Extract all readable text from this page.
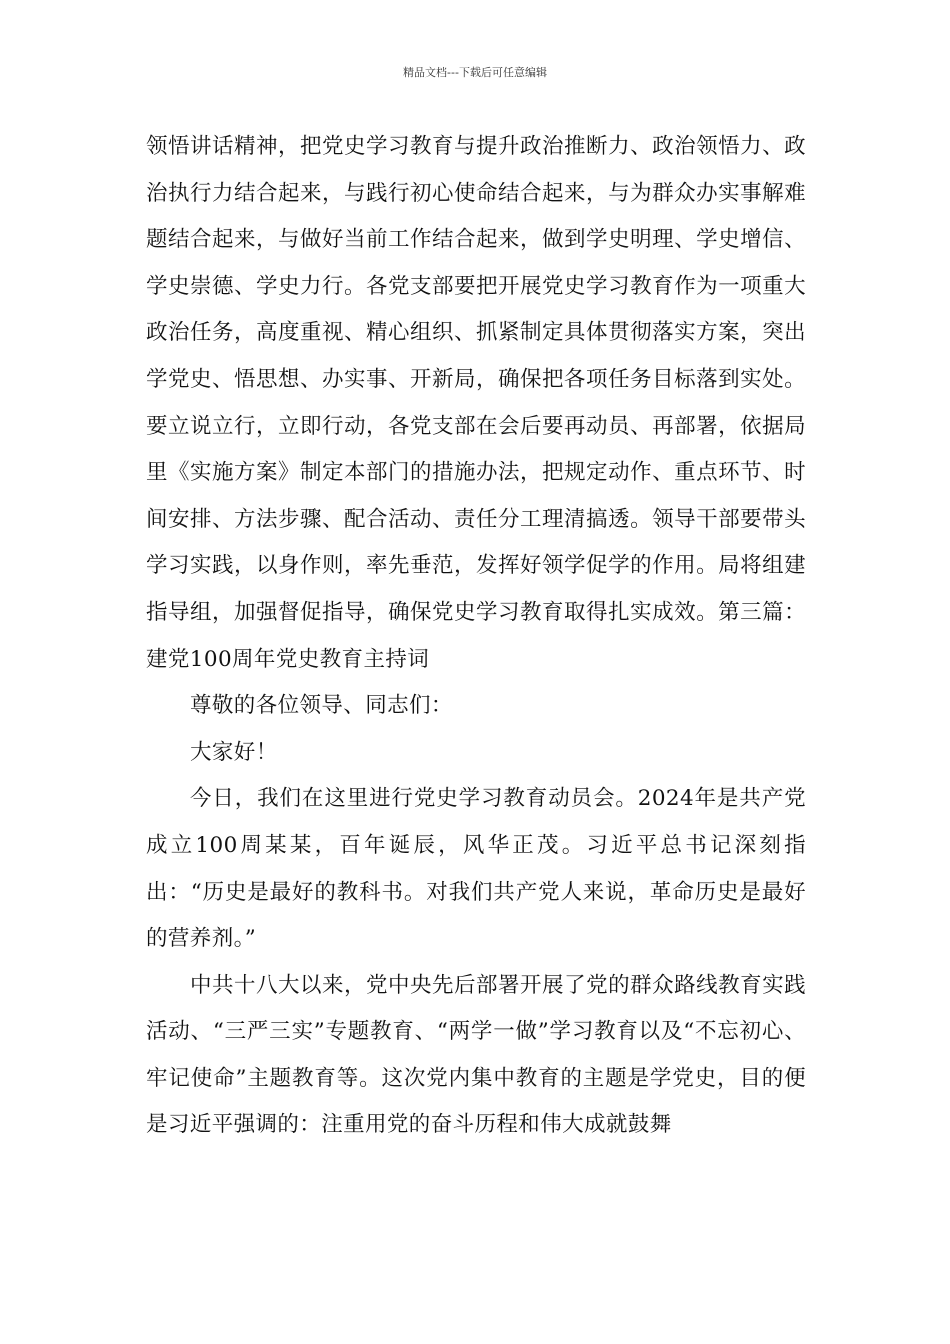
精品文档---下载后可任意编辑

领悟讲话精神，把党史学习教育与提升政治推断力、政治领悟力、政治执行力结合起来，与践行初心使命结合起来，与为群众办实事解难题结合起来，与做好当前工作结合起来，做到学史明理、学史增信、学史崇德、学史力行。各党支部要把开展党史学习教育作为一项重大政治任务，高度重视、精心组织、抓紧制定具体贯彻落实方案，突出学党史、悟思想、办实事、开新局，确保把各项任务目标落到实处。要立说立行，立即行动，各党支部在会后要再动员、再部署，依据局里《实施方案》制定本部门的措施办法，把规定动作、重点环节、时间安排、方法步骤、配合活动、责任分工理清搞透。领导干部要带头学习实践，以身作则，率先垂范，发挥好领学促学的作用。局将组建指导组，加强督促指导，确保党史学习教育取得扎实成效。第三篇：建党100周年党史教育主持词

尊敬的各位领导、同志们：

大家好！

今日，我们在这里进行党史学习教育动员会。2024年是共产党成立100周某某，百年诞辰，风华正茂。习近平总书记深刻指出：“历史是最好的教科书。对我们共产党人来说，革命历史是最好的营养剂。”

中共十八大以来，党中央先后部署开展了党的群众路线教育实践活动、“三严三实”专题教育、“两学一做”学习教育以及“不忘初心、牢记使命”主题教育等。这次党内集中教育的主题是学党史，目的便是习近平强调的：注重用党的奋斗历程和伟大成就鼓舞
